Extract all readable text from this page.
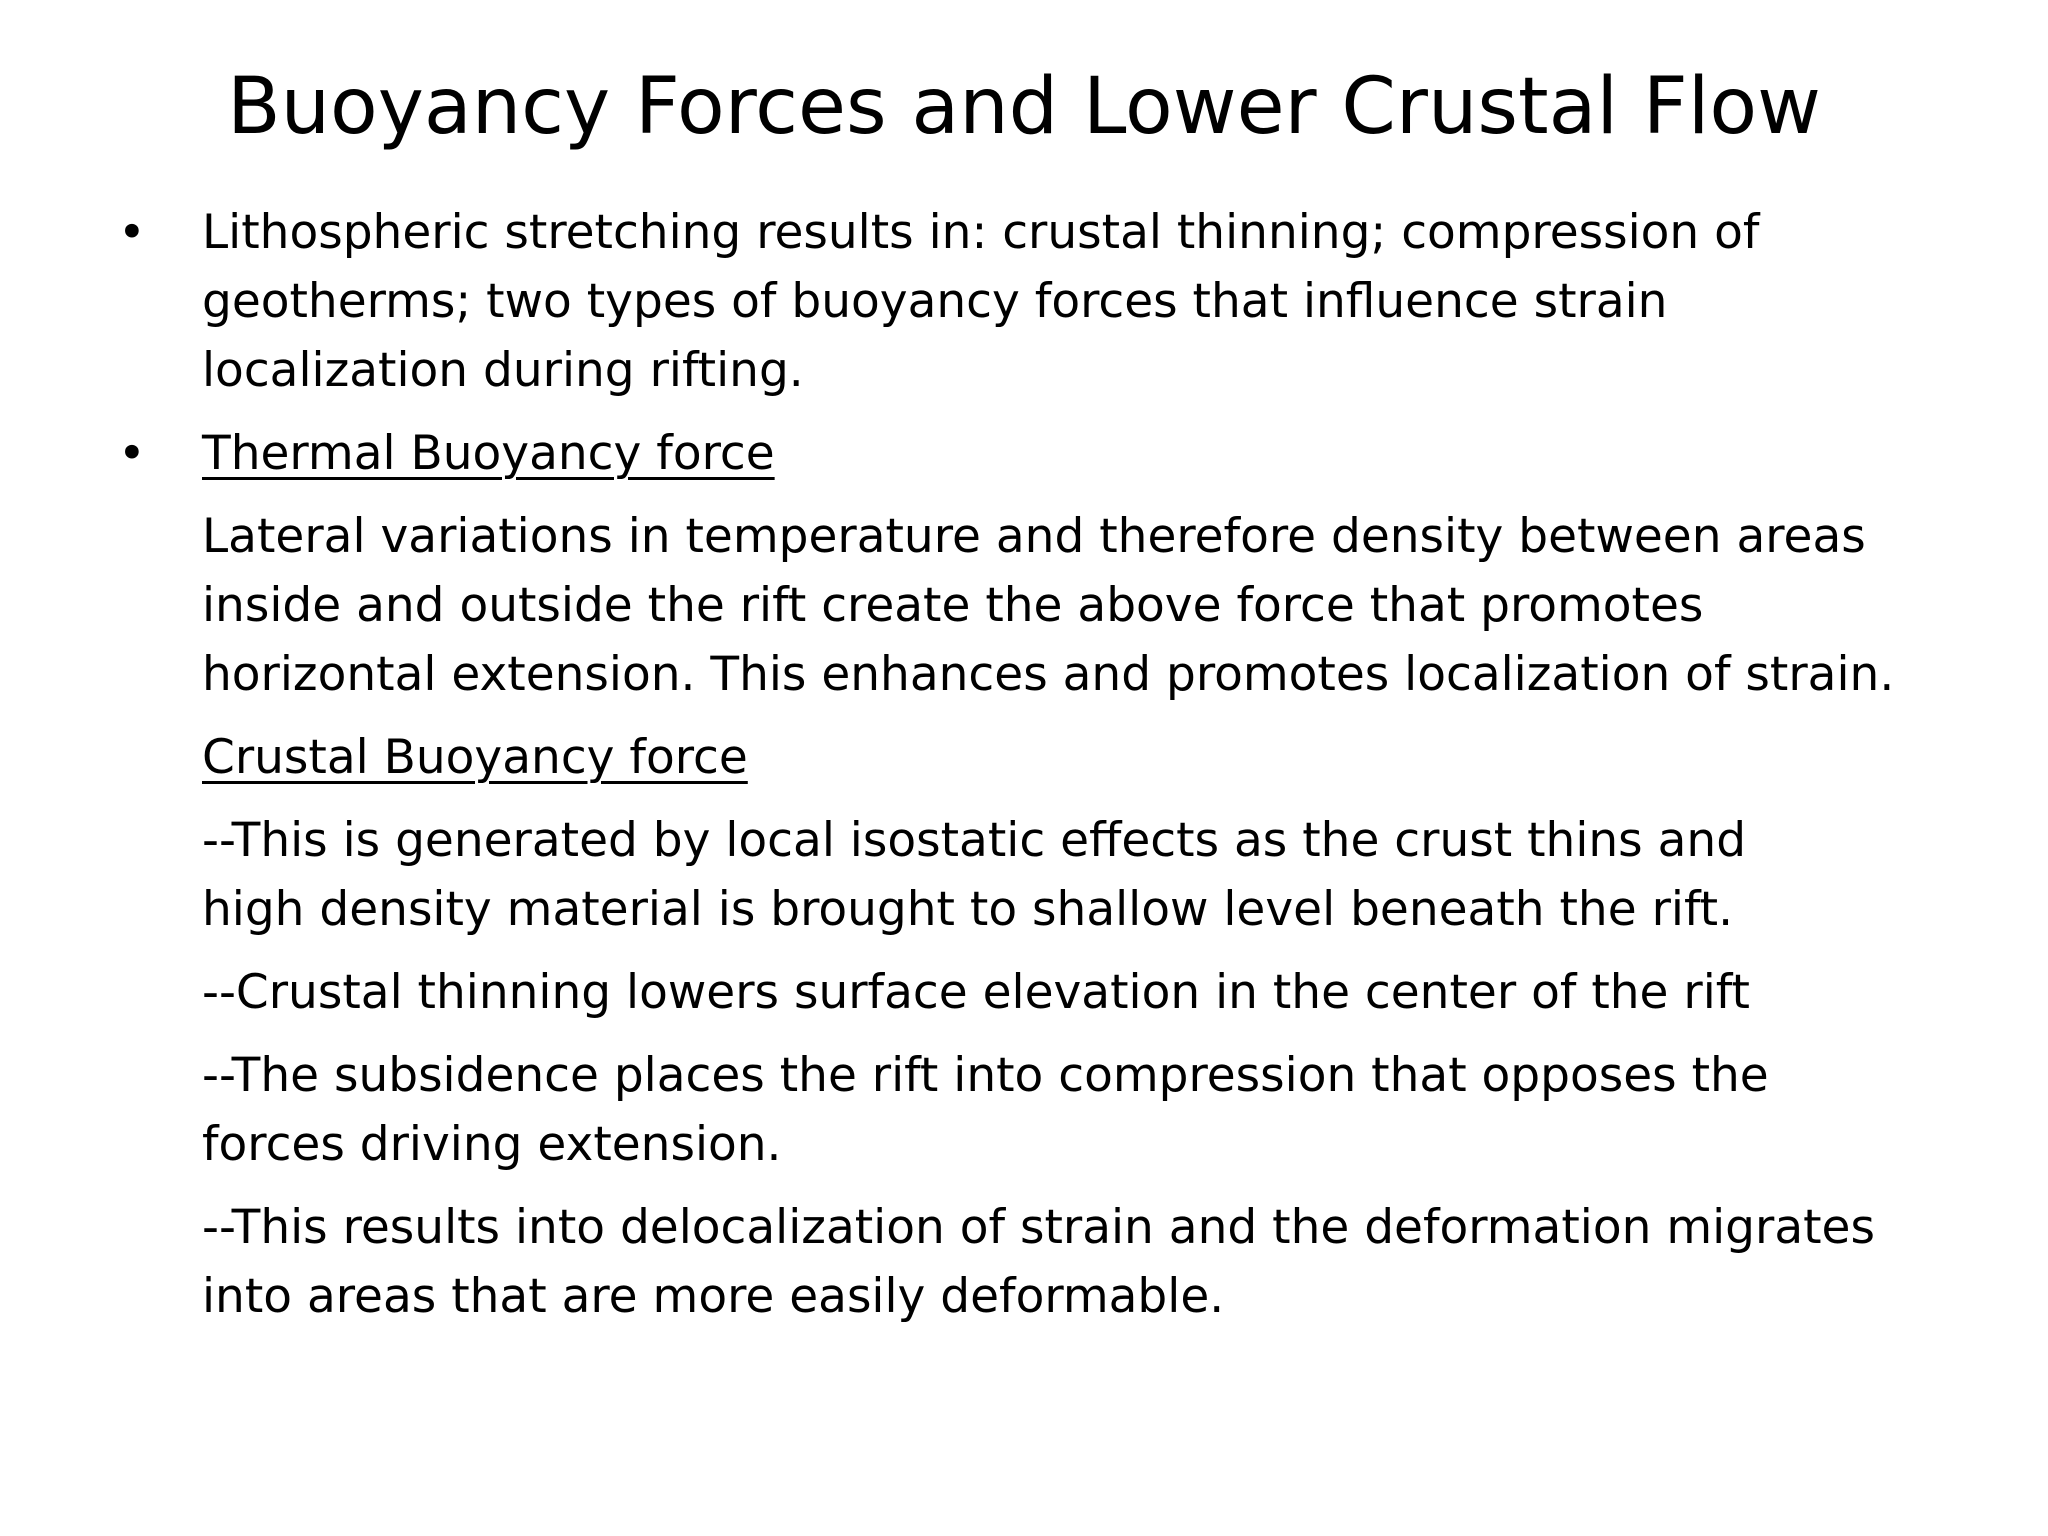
Buoyancy Forces and Lower Crustal Flow
• Lithospheric stretching results in: crustal thinning; compression of geotherms; two types of buoyancy forces that influence strain localization during rifting.
• Thermal Buoyancy force
Lateral variations in temperature and therefore density between areas inside and outside the rift create the above force that promotes horizontal extension. This enhances and promotes localization of strain.
Crustal Buoyancy force
--This is generated by local isostatic effects as the crust thins and high density material is brought to shallow level beneath the rift.
--Crustal thinning lowers surface elevation in the center of the rift
--The subsidence places the rift into compression that opposes the   forces driving extension.
--This results into delocalization of strain and the deformation migrates into areas that are more easily deformable.
